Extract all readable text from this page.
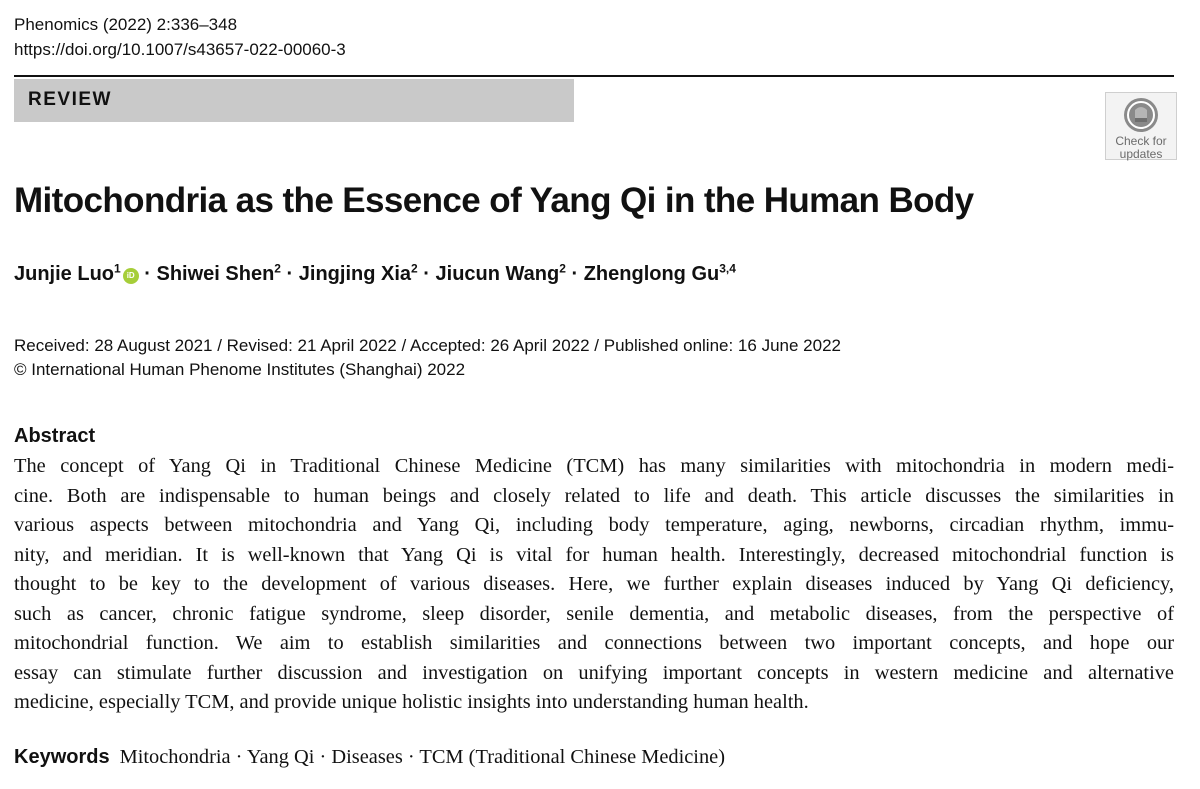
Phenomics (2022) 2:336–348
https://doi.org/10.1007/s43657-022-00060-3
REVIEW
Check for
updates
Mitochondria as the Essence of Yang Qi in the Human Body
Junjie Luo$^1$iD · Shiwei Shen$^2$ · Jingjing Xia$^2$ · Jiucun Wang$^2$ · Zhenglong Gu$^{3,4}$
Received: 28 August 2021 / Revised: 21 April 2022 / Accepted: 26 April 2022 / Published online: 16 June 2022
© International Human Phenome Institutes (Shanghai) 2022
Abstract

The concept of Yang Qi in Traditional Chinese Medicine (TCM) has many similarities with mitochondria in modern medi-
cine. Both are indispensable to human beings and closely related to life and death. This article discusses the similarities in
various aspects between mitochondria and Yang Qi, including body temperature, aging, newborns, circadian rhythm, immu-
nity, and meridian. It is well-known that Yang Qi is vital for human health. Interestingly, decreased mitochondrial function is
thought to be key to the development of various diseases. Here, we further explain diseases induced by Yang Qi deficiency,
such as cancer, chronic fatigue syndrome, sleep disorder, senile dementia, and metabolic diseases, from the perspective of
mitochondrial function. We aim to establish similarities and connections between two important concepts, and hope our
essay can stimulate further discussion and investigation on unifying important concepts in western medicine and alternative
medicine, especially TCM, and provide unique holistic insights into understanding human health.

Keywords Mitochondria · Yang Qi · Diseases · TCM (Traditional Chinese Medicine)
